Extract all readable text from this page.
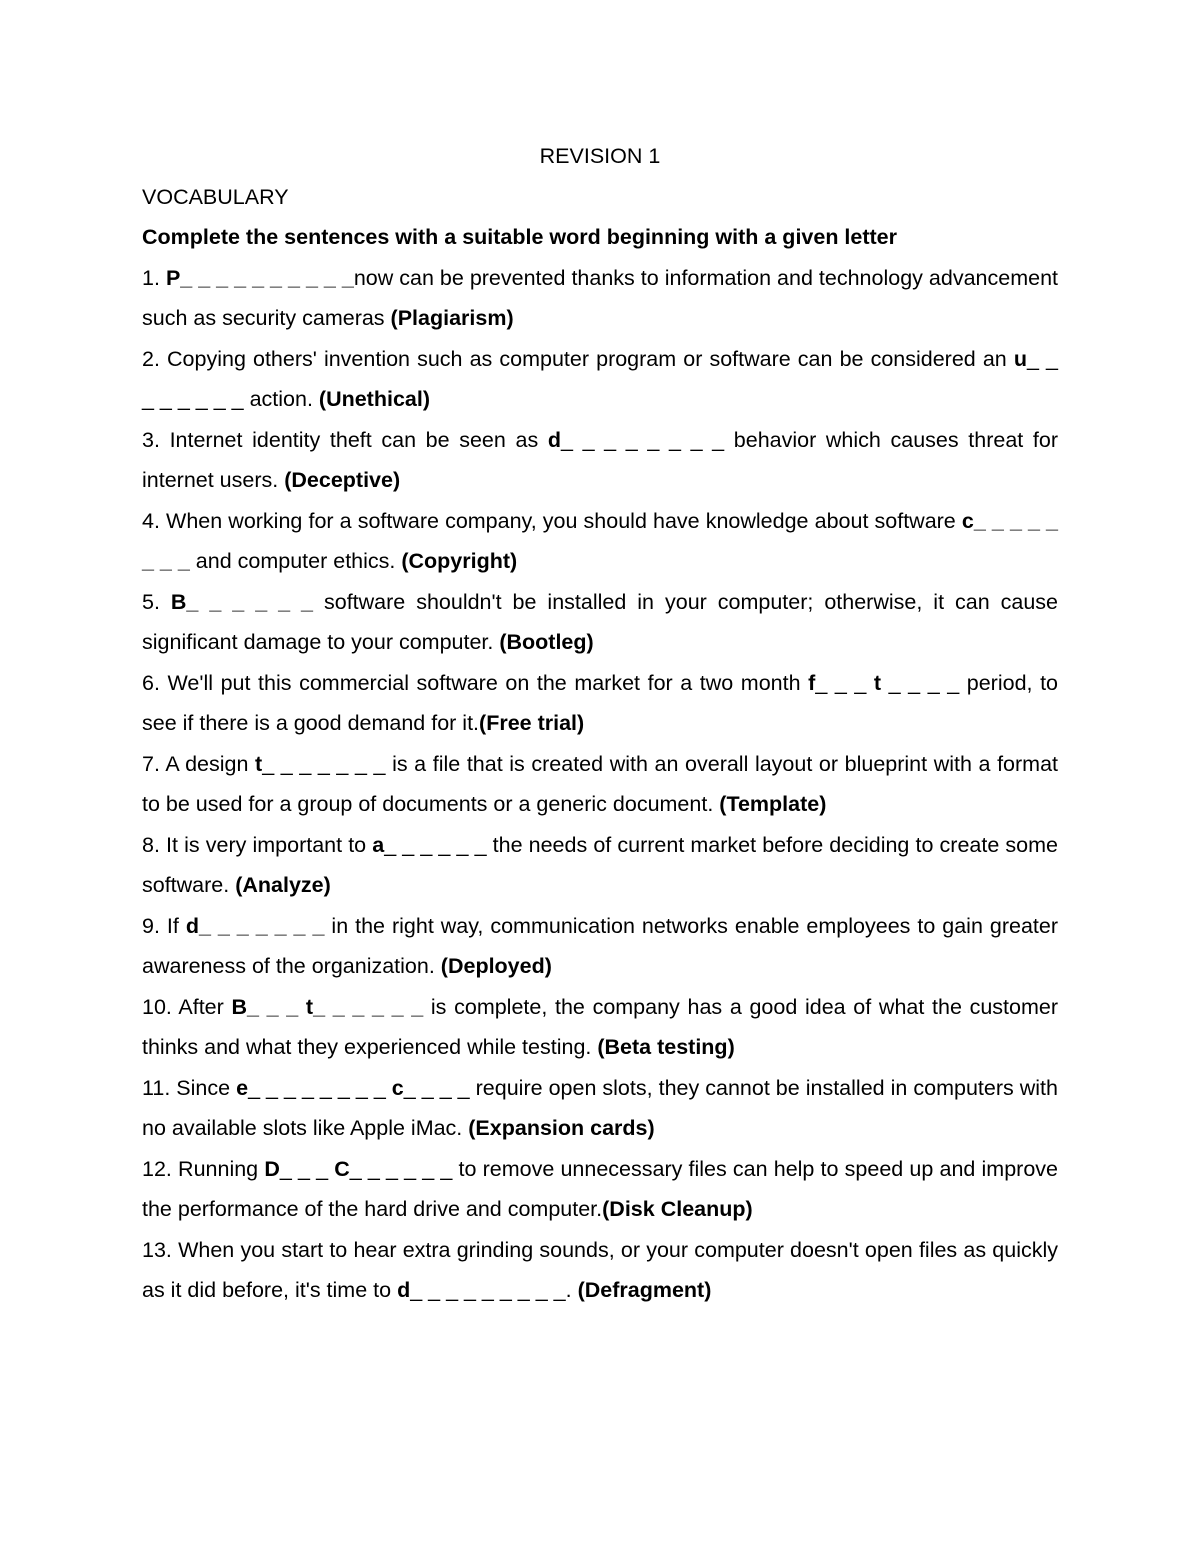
REVISION 1
VOCABULARY

Complete the sentences with a suitable word beginning with a given letter

1. P_ _ _ _ _ _ _ _ _ _now can be prevented thanks to information and technology advancement such as security cameras (Plagiarism)

2. Copying others' invention such as computer program or software can be considered an u_ _ _ _ _ _ _ _ action. (Unethical)

3. Internet identity theft can be seen as d_ _ _ _ _ _ _ _ behavior which causes threat for internet users. (Deceptive)

4. When working for a software company, you should have knowledge about software c_ _ _ _ _ _ _ _ and computer ethics. (Copyright)

5. B_ _ _ _ _ _ software shouldn't be installed in your computer; otherwise, it can cause significant damage to your computer. (Bootleg)

6. We'll put this commercial software on the market for a two month f_ _ _ t _ _ _ _ period, to see if there is a good demand for it.(Free trial)

7. A design t_ _ _ _ _ _ _ is a file that is created with an overall layout or blueprint with a format to be used for a group of documents or a generic document. (Template)

8. It is very important to a_ _ _ _ _ _ the needs of current market before deciding to create some software. (Analyze)

9. If d_ _ _ _ _ _ _ in the right way, communication networks enable employees to gain greater awareness of the organization. (Deployed)

10. After B_ _ _ t_ _ _ _ _ _ is complete, the company has a good idea of what the customer thinks and what they experienced while testing. (Beta testing)

11. Since e_ _ _ _ _ _ _ _ c_ _ _ _ require open slots, they cannot be installed in computers with no available slots like Apple iMac. (Expansion cards)

12. Running D_ _ _ C_ _ _ _ _ _ to remove unnecessary files can help to speed up and improve the performance of the hard drive and computer.(Disk Cleanup)

13. When you start to hear extra grinding sounds, or your computer doesn't open files as quickly as it did before, it's time to d_ _ _ _ _ _ _ _ _. (Defragment)
